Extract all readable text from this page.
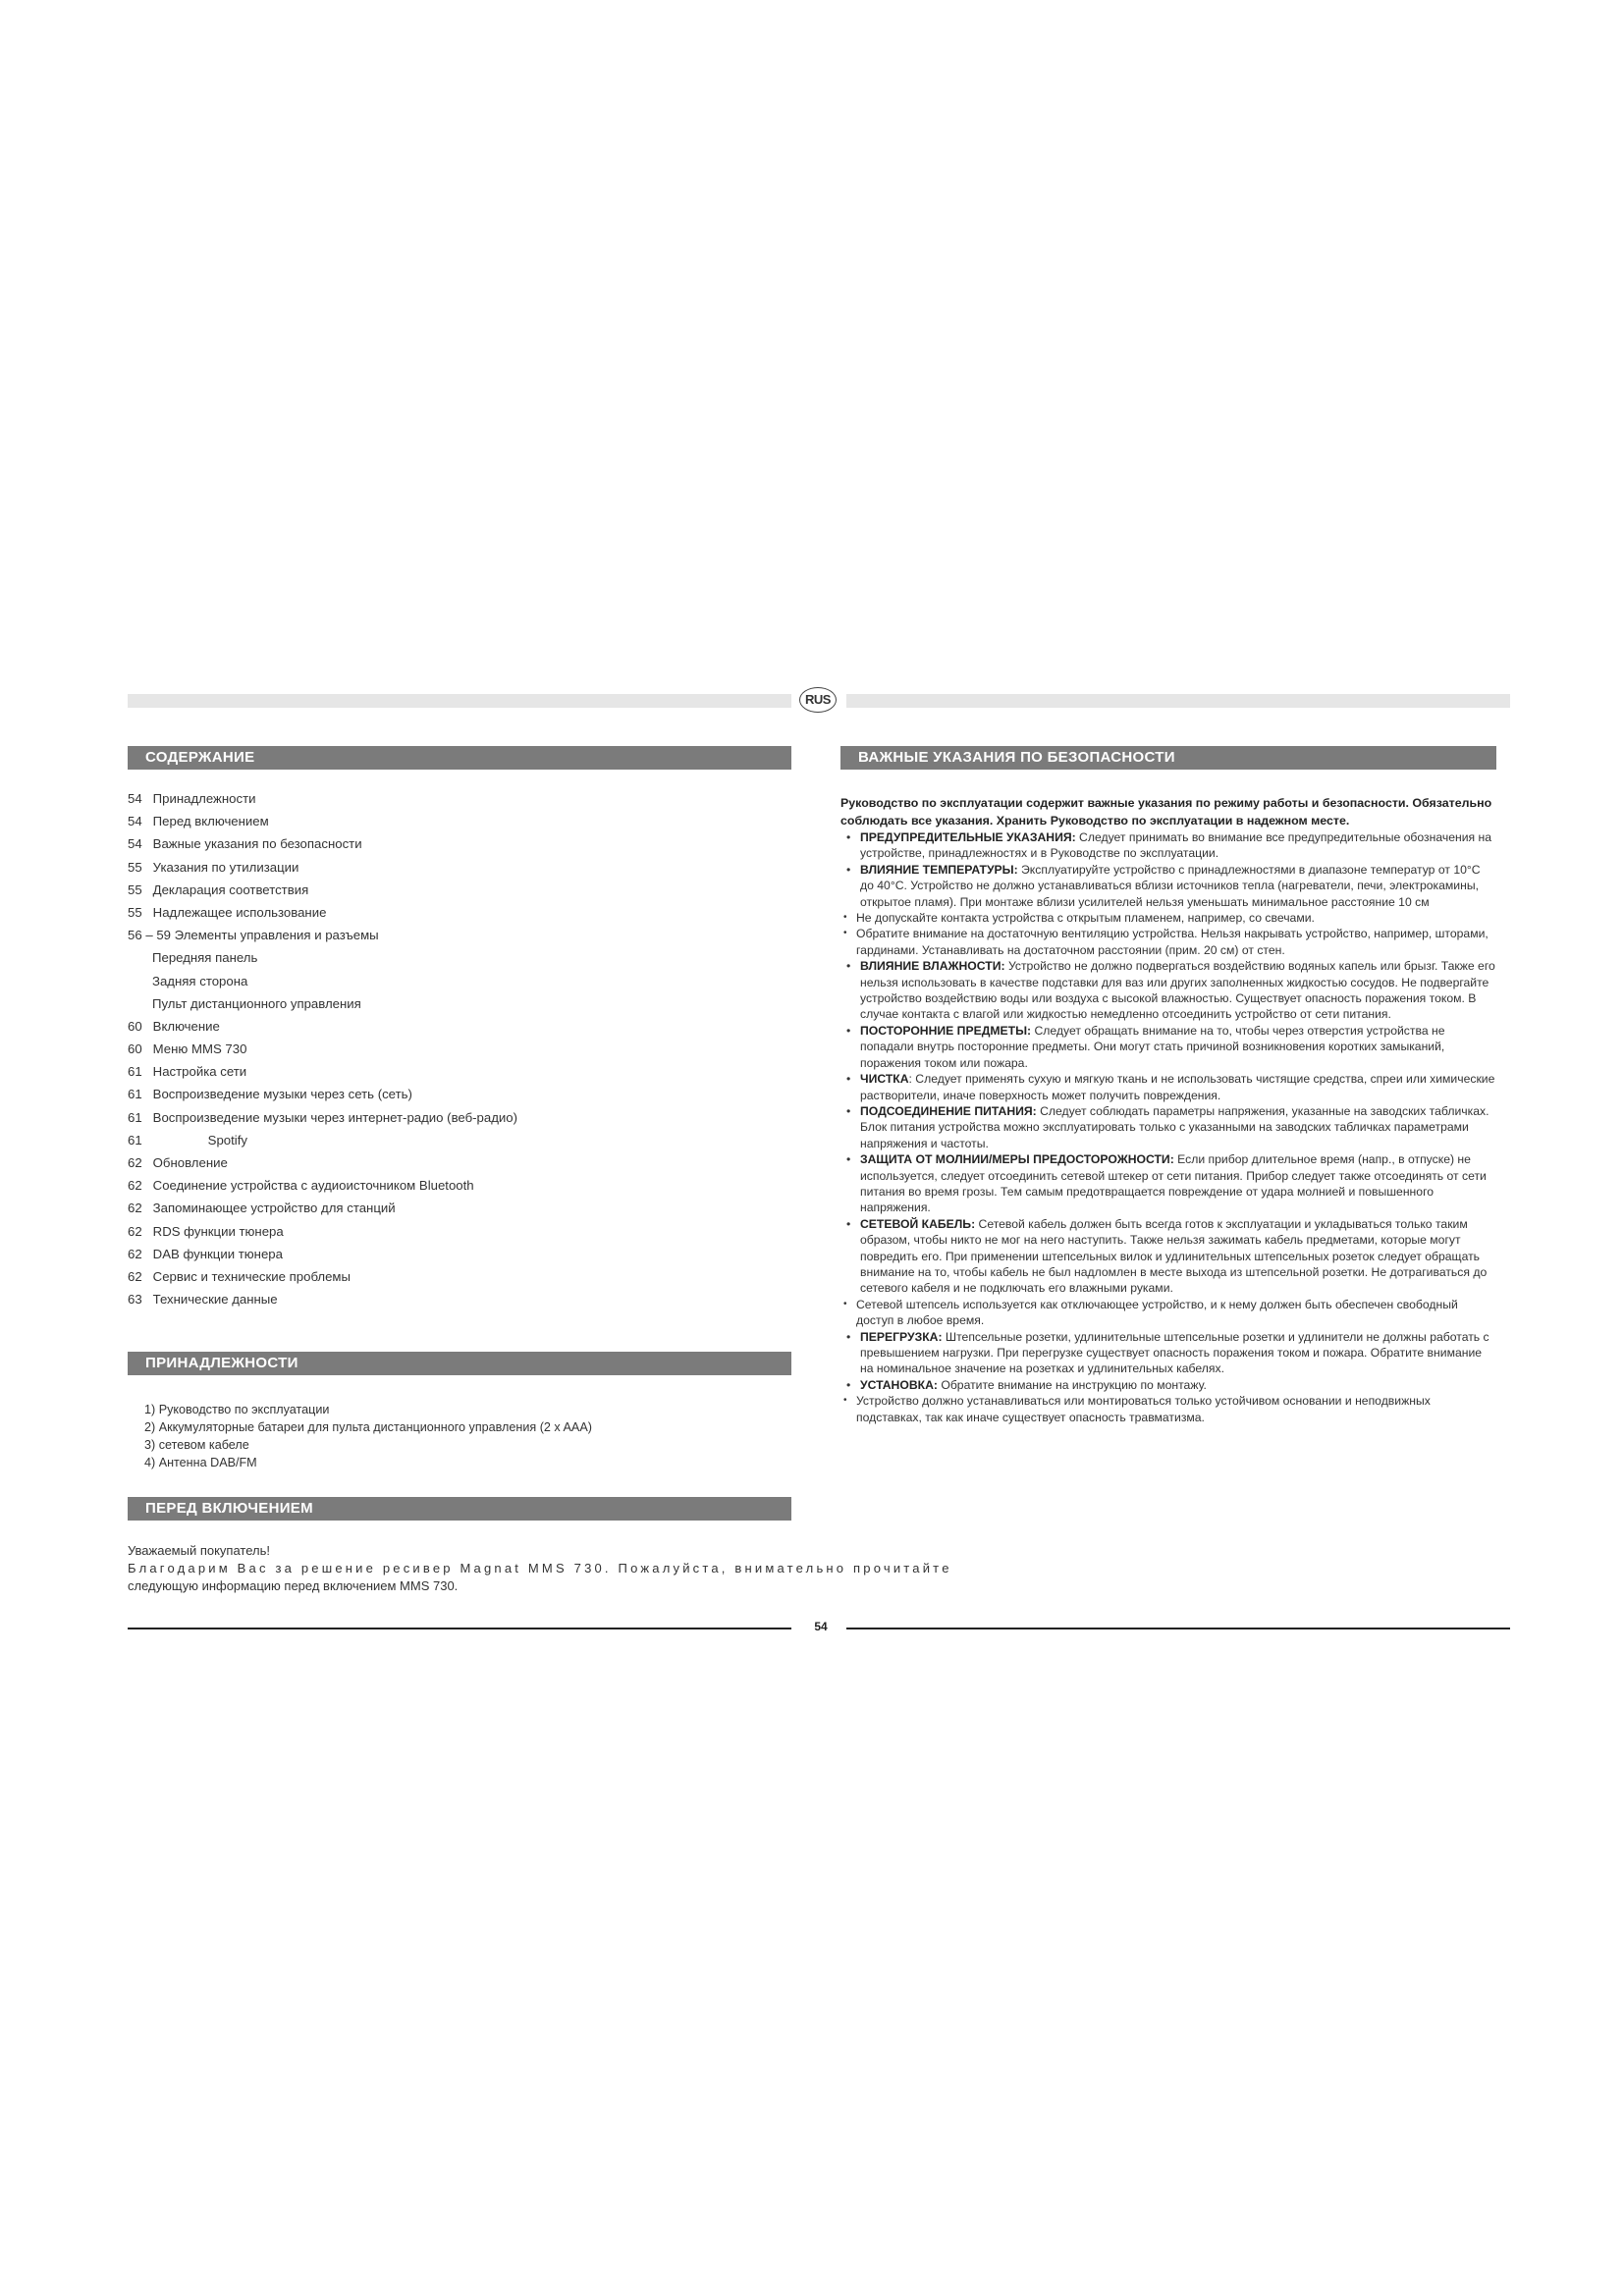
RUS
СОДЕРЖАНИЕ
54 Принадлежности
54 Перед включением
54 Важные указания по безопасности
55 Указания по утилизации
55 Декларация соответствия
55 Надлежащее использование
56 – 59 Элементы управления и разъемы
Передняя панель
Задняя сторона
Пульт дистанционного управления
60 Включение
60 Меню MMS 730
61 Настройка сети
61 Воспроизведение музыки через сеть (сеть)
61 Воспроизведение музыки через интернет-радио (веб-радио)
61	Spotify
62 Обновление
62 Соединение устройства с аудиоисточником Bluetooth
62 Запоминающее устройство для станций
62 RDS функции тюнера
62 DAB функции тюнера
62 Сервис и технические проблемы
63 Технические данные
ПРИНАДЛЕЖНОСТИ
1) Руководство по эксплуатации
2) Аккумуляторные батареи для пульта дистанционного управления (2 x AAA)
3) сетевом кабеле
4) Антенна DAB/FM
ПЕРЕД ВКЛЮЧЕНИЕМ

Уважаемый покупатель!

Благодарим Вас за решение ресивер Magnat MMS 730. Пожалуйста, внимательно прочитайте

следующую информацию перед включением MMS 730.

ВАЖНЫЕ УКАЗАНИЯ ПО БЕЗОПАСНОСТИ

Руководство по эксплуатации содержит важные указания по режиму работы и безопасности. Обязательно соблюдать все указания. Хранить Руководство по эксплуатации в надежном месте.

• ПРЕДУПРЕДИТЕЛЬНЫЕ УКАЗАНИЯ: Следует принимать во внимание все предупредительные обозначения на устройстве, принадлежностях и в Руководстве по эксплуатации.
• ВЛИЯНИЕ ТЕМПЕРАТУРЫ: Эксплуатируйте устройство с принадлежностями в диапазоне температур от 10°C до 40°C. Устройство не должно устанавливаться вблизи источников тепла (нагреватели, печи, электрокамины, открытое пламя). При монтаже вблизи усилителей нельзя уменьшать минимальное расстояние 10 см
• Не допускайте контакта устройства с открытым пламенем, например, со свечами.
• Обратите внимание на достаточную вентиляцию устройства. Нельзя накрывать устройство, например, шторами, гардинами. Устанавливать на достаточном расстоянии (прим. 20 см) от стен.
• ВЛИЯНИЕ ВЛАЖНОСТИ: Устройство не должно подвергаться воздействию водяных капель или брызг. Также его нельзя использовать в качестве подставки для ваз или других заполненных жидкостью сосудов. Не подвергайте устройство воздействию воды или воздуха с высокой влажностью. Существует опасность поражения током. В случае контакта с влагой или жидкостью немедленно отсоединить устройство от сети питания.
• ПОСТОРОННИЕ ПРЕДМЕТЫ: Следует обращать внимание на то, чтобы через отверстия устройства не попадали внутрь посторонние предметы. Они могут стать причиной возникновения коротких замыканий, поражения током или пожара.
• ЧИСТКА: Следует применять сухую и мягкую ткань и не использовать чистящие средства, спреи или химические растворители, иначе поверхность может получить повреждения.
• ПОДСОЕДИНЕНИЕ ПИТАНИЯ: Следует соблюдать параметры напряжения, указанные на заводских табличках. Блок питания устройства можно эксплуатировать только с указанными на заводских табличках параметрами напряжения и частоты.
• ЗАЩИТА ОТ МОЛНИИ/МЕРЫ ПРЕДОСТОРОЖНОСТИ: Если прибор длительное время (напр., в отпуске) не используется, следует отсоединить сетевой штекер от сети питания. Прибор следует также отсоединять от сети питания во время грозы. Тем самым предотвращается повреждение от удара молнией и повышенного напряжения.
• СЕТЕВОЙ КАБЕЛЬ: Сетевой кабель должен быть всегда готов к эксплуатации и укладываться только таким образом, чтобы никто не мог на него наступить. Также нельзя зажимать кабель предметами, которые могут повредить его. При применении штепсельных вилок и удлинительных штепсельных розеток следует обращать внимание на то, чтобы кабель не был надломлен в месте выхода из штепсельной розетки. Не дотрагиваться до сетевого кабеля и не подключать его влажными руками.
• Сетевой штепсель используется как отключающее устройство, и к нему должен быть обеспечен свободный доступ в любое время.
• ПЕРЕГРУЗКА: Штепсельные розетки, удлинительные штепсельные розетки и удлинители не должны работать с превышением нагрузки. При перегрузке существует опасность поражения током и пожара. Обратите внимание на номинальное значение на розетках и удлинительных кабелях.
• УСТАНОВКА: Обратите внимание на инструкцию по монтажу.
• Устройство должно устанавливаться или монтироваться только устойчивом основании и неподвижных подставках, так как иначе существует опасность травматизма.
54
